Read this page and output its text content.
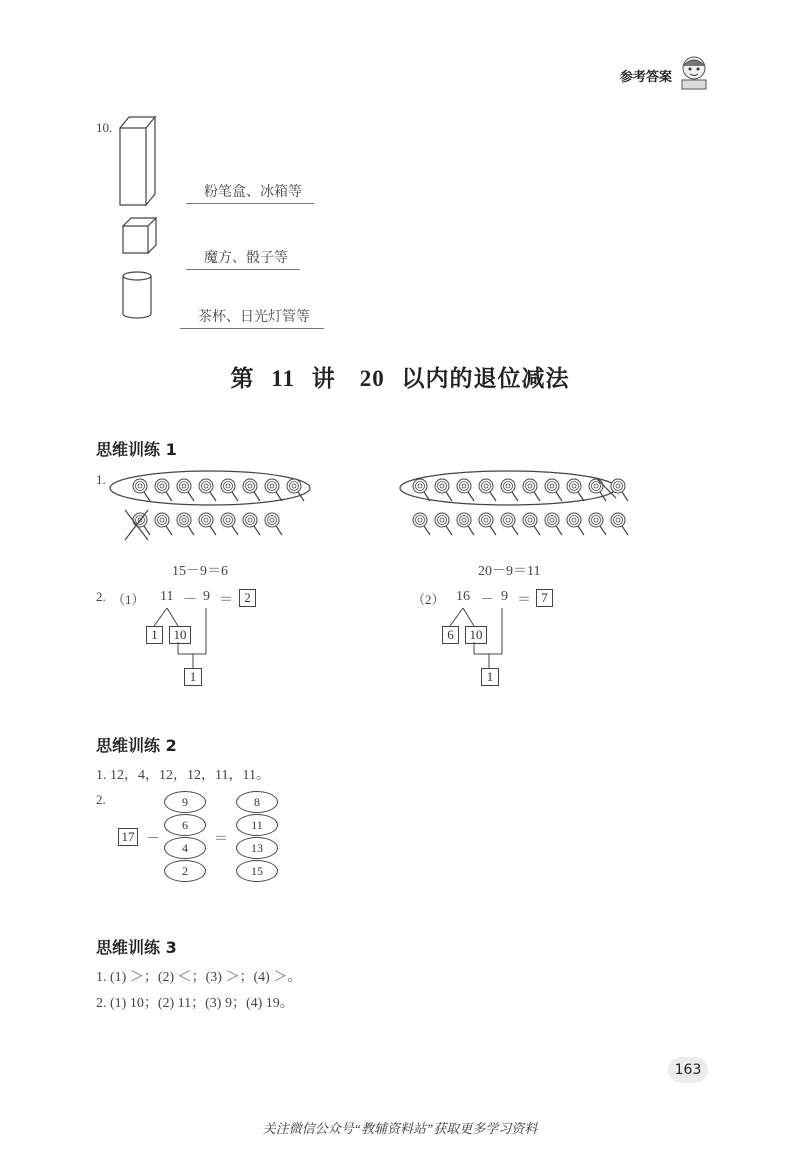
参考答案
10.
粉笔盒、冰箱等
魔方、骰子等
茶杯、日光灯管等
第 11 讲　20 以内的退位减法
思维训练 1
1.
15－9＝6	20－9＝11
2. （1） 11 － 9 ＝ 2
1	10
1
（2） 16 － 9 ＝ 7
6	10
1
思维训练 2
1. 12，4，12，12，11，11。
2.
17 －	＝
9
6
4
2
8
11
13
15
思维训练 3
1. (1) ＞；(2) ＜；(3) ＞；(4) ＞。
2. (1) 10；(2) 11；(3) 9；(4) 19。
163
关注微信公众号“教辅资料站”获取更多学习资料
